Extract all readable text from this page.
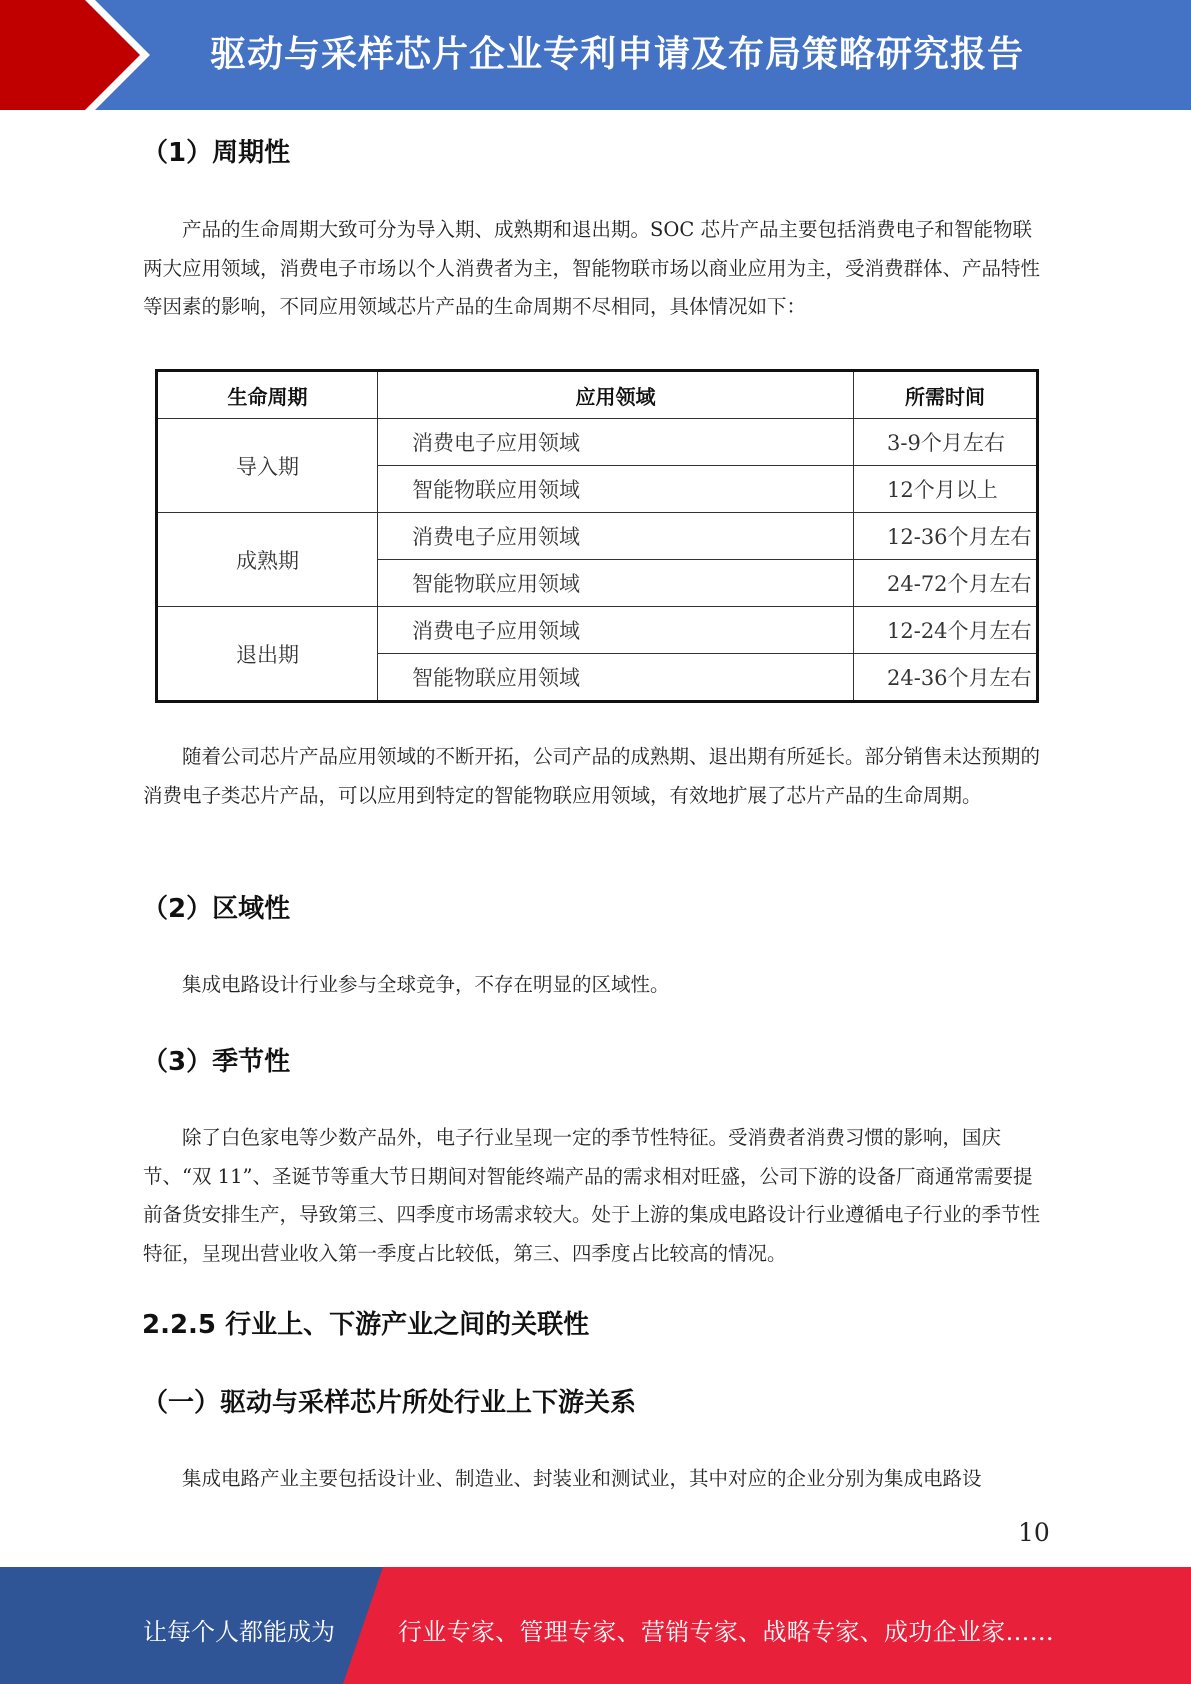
驱动与采样芯片企业专利申请及布局策略研究报告
（1）周期性

产品的生命周期大致可分为导入期、成熟期和退出期。SOC 芯片产品主要包括消费电子和智能物联两大应用领域，消费电子市场以个人消费者为主，智能物联市场以商业应用为主，受消费群体、产品特性等因素的影响，不同应用领域芯片产品的生命周期不尽相同，具体情况如下：

生命周期	应用领域	所需时间
导入期	消费电子应用领域	3-9个月左右
	智能物联应用领域	12个月以上
成熟期	消费电子应用领域	12-36个月左右
	智能物联应用领域	24-72个月左右
退出期	消费电子应用领域	12-24个月左右
	智能物联应用领域	24-36个月左右

随着公司芯片产品应用领域的不断开拓，公司产品的成熟期、退出期有所延长。部分销售未达预期的消费电子类芯片产品，可以应用到特定的智能物联应用领域，有效地扩展了芯片产品的生命周期。

（2）区域性

集成电路设计行业参与全球竞争，不存在明显的区域性。

（3）季节性

除了白色家电等少数产品外，电子行业呈现一定的季节性特征。受消费者消费习惯的影响，国庆节、“双 11”、圣诞节等重大节日期间对智能终端产品的需求相对旺盛，公司下游的设备厂商通常需要提前备货安排生产，导致第三、四季度市场需求较大。处于上游的集成电路设计行业遵循电子行业的季节性特征，呈现出营业收入第一季度占比较低，第三、四季度占比较高的情况。

2.2.5 行业上、下游产业之间的关联性
（一）驱动与采样芯片所处行业上下游关系

集成电路产业主要包括设计业、制造业、封装业和测试业，其中对应的企业分别为集成电路设

10
让每个人都能成为	行业专家、管理专家、营销专家、战略专家、成功企业家……
